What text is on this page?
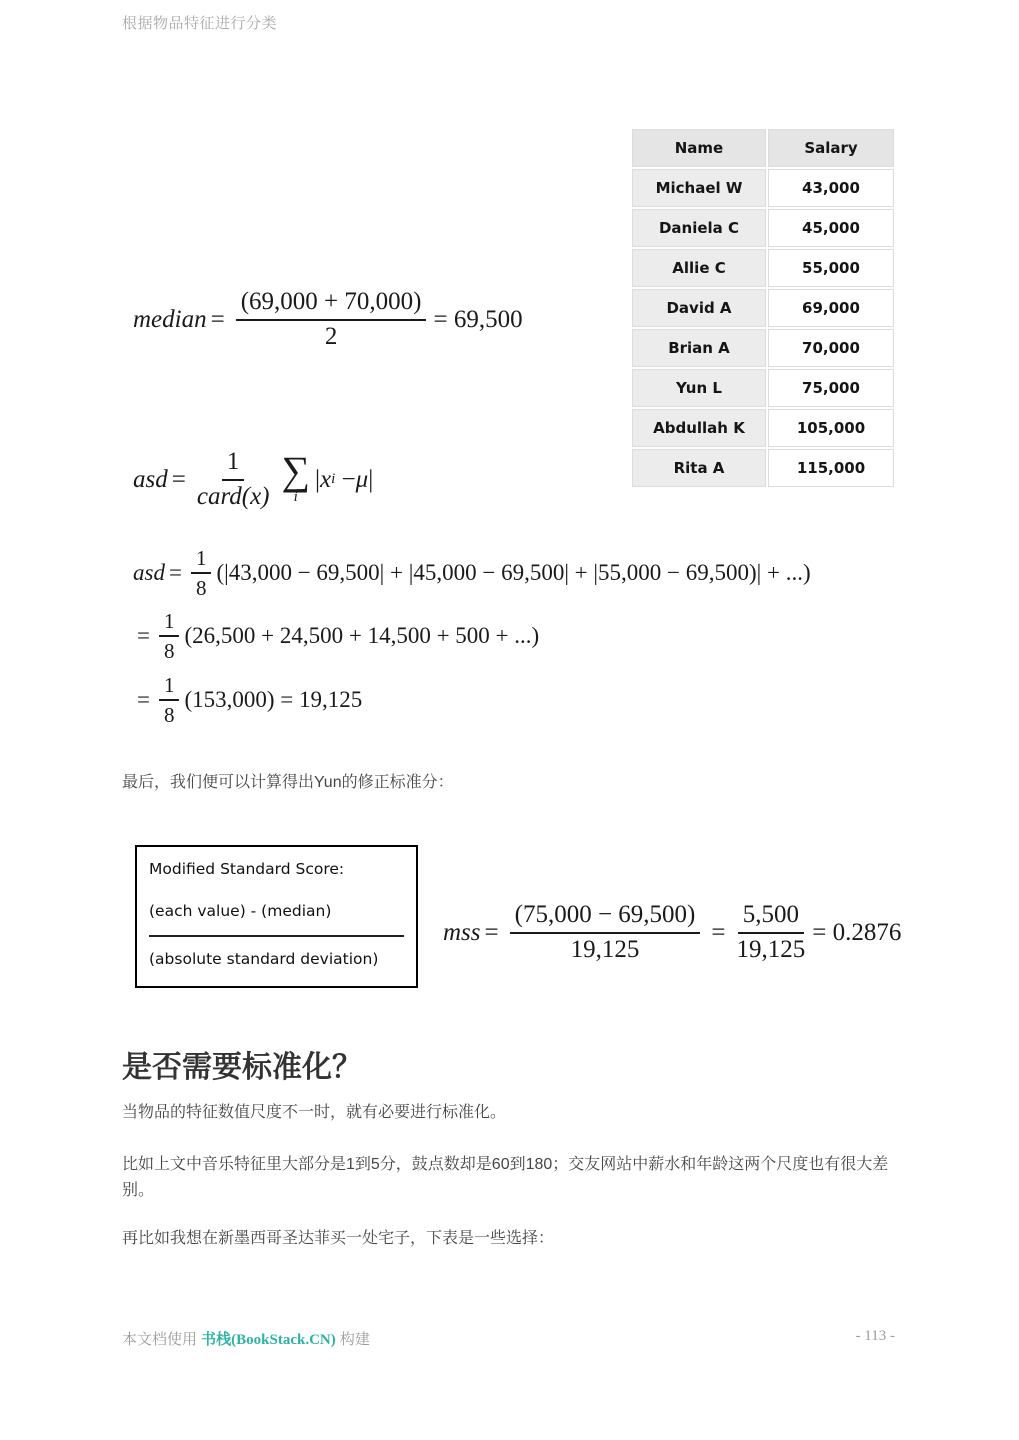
根据物品特征进行分类
Name	Salary
Michael W	43,000
Daniela C	45,000
Allie C	55,000
David A	69,000
Brian A	70,000
Yun L	75,000
Abdullah K	105,000
Rita A	115,000
median = $\frac{(69,000 + 70,000)}{2} = 69,500$
asd = $\frac{1}{\text{card(x)}}$ ∑
i
| x i
− μ |
asd = $\frac{1}{8} (|43,000 - 69,500| + |45,000 - 69,500| + |55,000 - 69,500)|$ + ...)
= $\frac{1}{8} (26,500 + 24,500 + 14,500 + 500$ + ...)
= $\frac{1}{8} (153,000) = 19,125$
最后，我们便可以计算得出Yun的修正标准分：
Modified Standard Score:
(each value) - (median)
(absolute standard deviation)
mss = $\frac{(75,000 - 69,500)}{19,125} = \frac{5,500}{19,125} = 0.2876$
是否需要标准化？
当物品的特征数值尺度不一时，就有必要进行标准化。
比如上文中音乐特征里大部分是1到5分，鼓点数却是60到180；交友网站中薪水和年龄这两个尺度也有很大差别。
再比如我想在新墨西哥圣达菲买一处宅子，下表是一些选择：
本文档使用 书栈(BookStack.CN) 构建	- 113 -
